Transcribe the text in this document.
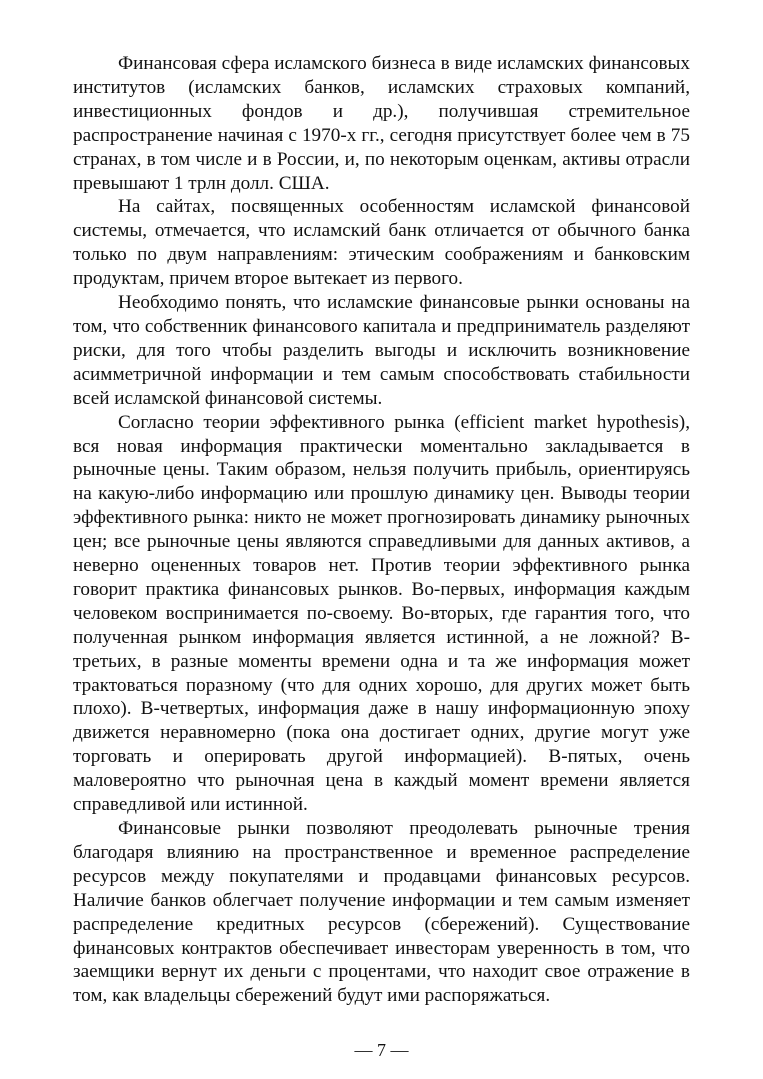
Финансовая сфера исламского бизнеса в виде исламских финансовых институтов (исламских банков, исламских страховых компаний, инвестиционных фондов и др.), получившая стремительное распространение начиная с 1970-х гг., сегодня присутствует более чем в 75 странах, в том числе и в России, и, по некоторым оценкам, активы отрасли превышают 1 трлн долл. США.

На сайтах, посвященных особенностям исламской финансовой системы, отмечается, что исламский банк отличается от обычного банка только по двум направлениям: этическим соображениям и банковским продуктам, причем второе вытекает из первого.

Необходимо понять, что исламские финансовые рынки основаны на том, что собственник финансового капитала и предприниматель разделяют риски, для того чтобы разделить выгоды и исключить возникновение асимметричной информации и тем самым способствовать стабильности всей исламской финансовой системы.

Согласно теории эффективного рынка (efficient market hypothesis), вся новая информация практически моментально закладывается в рыночные цены. Таким образом, нельзя получить прибыль, ориентируясь на какую-либо информацию или прошлую динамику цен. Выводы теории эффективного рынка: никто не может прогнозировать динамику рыночных цен; все рыночные цены являются справедливыми для данных активов, а неверно оцененных товаров нет. Против теории эффективного рынка говорит практика финансовых рынков. Во-первых, информация каждым человеком воспринимается по-своему. Во-вторых, где гарантия того, что полученная рынком информация является истинной, а не ложной? В-третьих, в разные моменты времени одна и та же информация может трактоваться поразному (что для одних хорошо, для других может быть плохо). В-четвертых, информация даже в нашу информационную эпоху движется неравномерно (пока она достигает одних, другие могут уже торговать и оперировать другой информацией). В-пятых, очень маловероятно что рыночная цена в каждый момент времени является справедливой или истинной.

Финансовые рынки позволяют преодолевать рыночные трения благодаря влиянию на пространственное и временное распределение ресурсов между покупателями и продавцами финансовых ресурсов. Наличие банков облегчает получение информации и тем самым изменяет распределение кредитных ресурсов (сбережений). Существование финансовых контрактов обеспечивает инвесторам уверенность в том, что заемщики вернут их деньги с процентами, что находит свое отражение в том, как владельцы сбережений будут ими распоряжаться.

— 7 —
